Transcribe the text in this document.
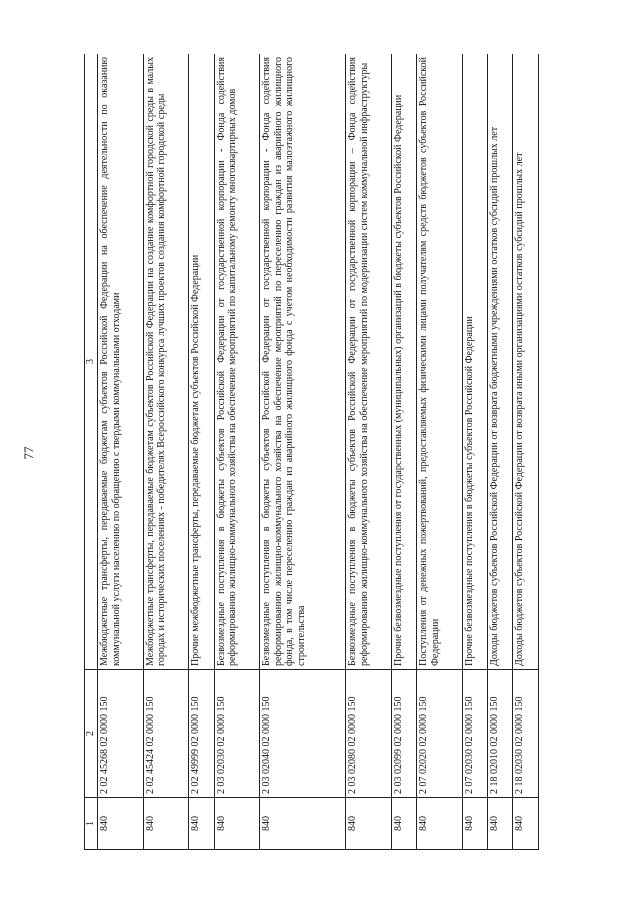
77
1	2	3
840	2 02 45268 02 0000 150	Межбюджетные трансферты, передаваемые бюджетам субъектов Российской Федерации на обеспечение деятельности по оказанию коммунальной услуги населению по обращению с твердыми коммунальными отходами
840	2 02 45424 02 0000 150	Межбюджетные трансферты, передаваемые бюджетам субъектов Российской Федерации на создание комфортной городской среды в малых городах и исторических поселениях - победителях Всероссийского конкурса лучших проектов создания комфортной городской среды
840	2 02 49999 02 0000 150	Прочие межбюджетные трансферты, передаваемые бюджетам субъектов Российской Федерации
840	2 03 02030 02 0000 150	Безвозмездные поступления в бюджеты субъектов Российской Федерации от государственной корпорации - Фонда содействия реформированию жилищно-коммунального хозяйства на обеспечение мероприятий по капитальному ремонту многоквартирных домов
840	2 03 02040 02 0000 150	Безвозмездные поступления в бюджеты субъектов Российской Федерации от государственной корпорации - Фонда содействия реформированию жилищно-коммунального хозяйства на обеспечение мероприятий по переселению граждан из аварийного жилищного фонда, в том числе переселению граждан из аварийного жилищного фонда с учетом необходимости развития малоэтажного жилищного строительства
840	2 03 02080 02 0000 150	Безвозмездные поступления в бюджеты субъектов Российской Федерации от государственной корпорации – Фонда содействия реформированию жилищно-коммунального хозяйства на обеспечение мероприятий по модернизации систем коммунальной инфраструктуры
840	2 03 02099 02 0000 150	Прочие безвозмездные поступления от государственных (муниципальных) организаций в бюджеты субъектов Российской Федерации
840	2 07 02020 02 0000 150	Поступления от денежных пожертвований, предоставляемых физическими лицами получателям средств бюджетов субъектов Российской Федерации
840	2 07 02030 02 0000 150	Прочие безвозмездные поступления в бюджеты субъектов Российской Федерации
840	2 18 02010 02 0000 150	Доходы бюджетов субъектов Российской Федерации от возврата бюджетными учреждениями остатков субсидий прошлых лет
840	2 18 02030 02 0000 150	Доходы бюджетов субъектов Российской Федерации от возврата иными организациями остатков субсидий прошлых лет
